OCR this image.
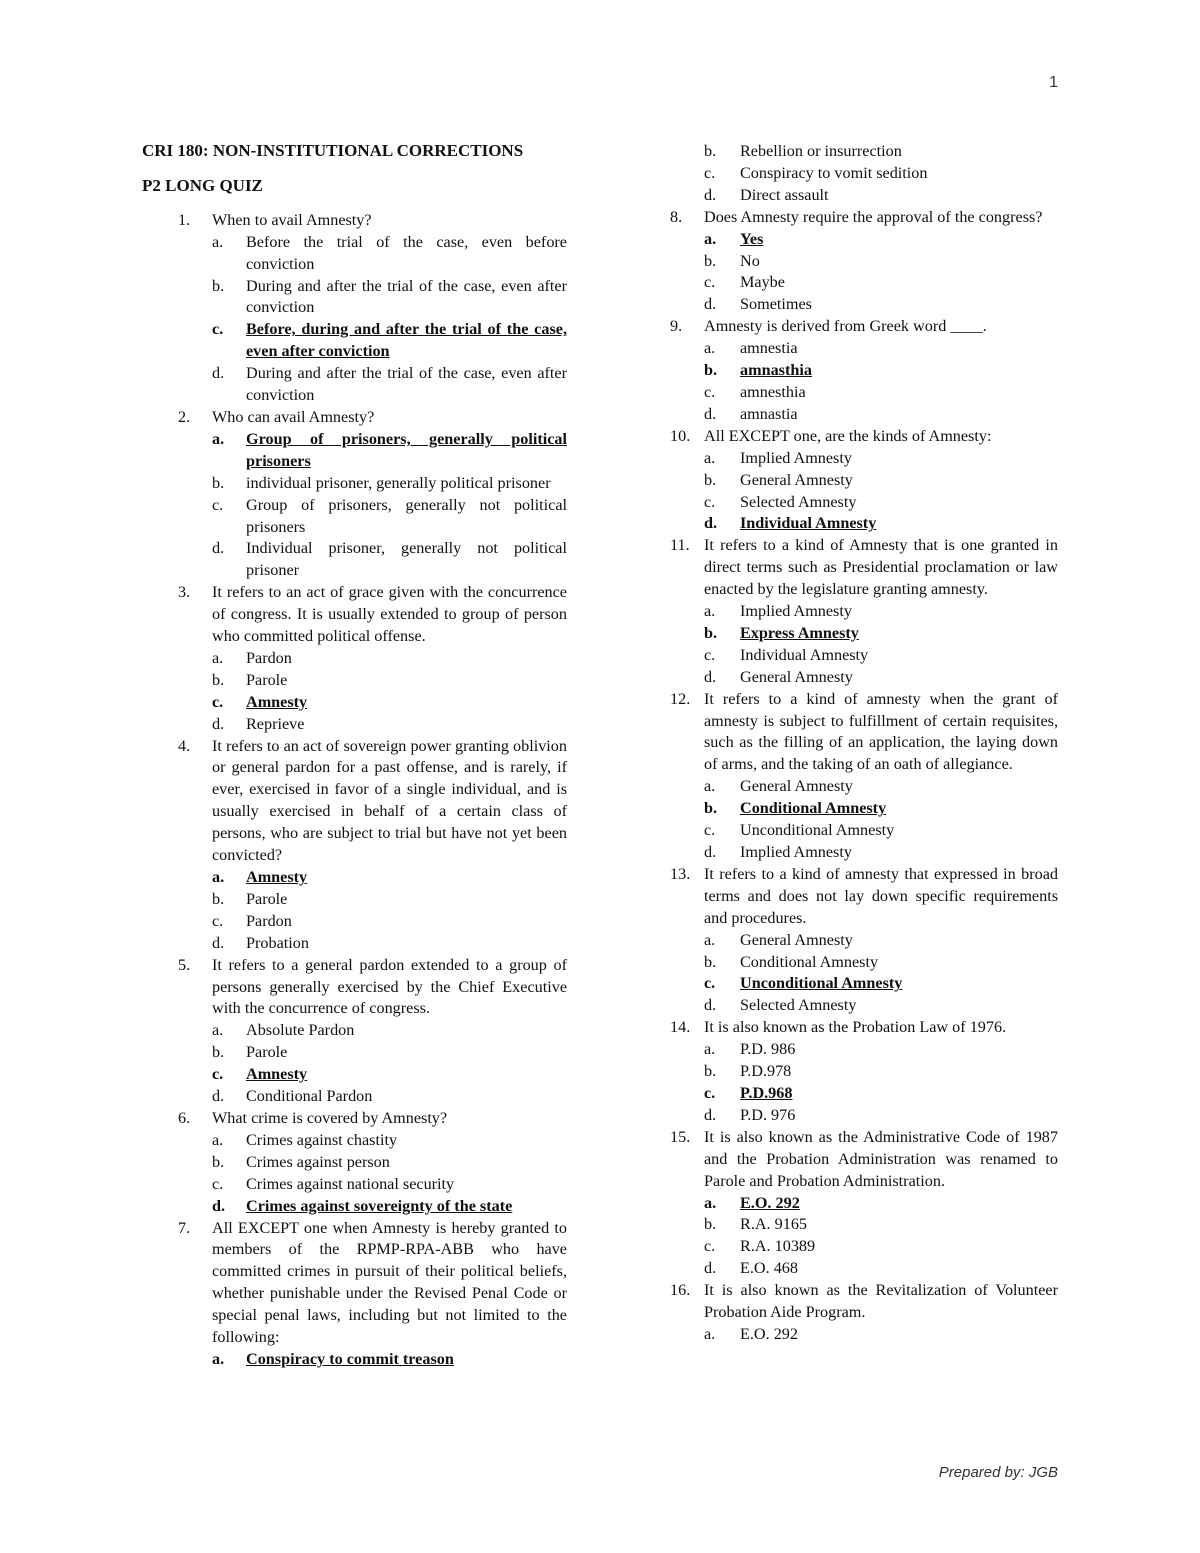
1
CRI 180: NON-INSTITUTIONAL CORRECTIONS
P2 LONG QUIZ
1.	When to avail Amnesty?
a. Before the trial of the case, even before conviction
b. During and after the trial of the case, even after conviction
c. Before, during and after the trial of the case, even after conviction
d. During and after the trial of the case, even after conviction
2.	Who can avail Amnesty?
a. Group of prisoners, generally political prisoners
b. individual prisoner, generally political prisoner
c. Group of prisoners, generally not political prisoners
d. Individual prisoner, generally not political prisoner
3.	It refers to an act of grace given with the concurrence of congress. It is usually extended to group of person who committed political offense.
a. Pardon
b. Parole
c. Amnesty
d. Reprieve
4.	It refers to an act of sovereign power granting oblivion or general pardon for a past offense, and is rarely, if ever, exercised in favor of a single individual, and is usually exercised in behalf of a certain class of persons, who are subject to trial but have not yet been convicted?
a. Amnesty
b. Parole
c. Pardon
d. Probation
5.	It refers to a general pardon extended to a group of persons generally exercised by the Chief Executive with the concurrence of congress.
a. Absolute Pardon
b. Parole
c. Amnesty
d. Conditional Pardon
6.	What crime is covered by Amnesty?
a. Crimes against chastity
b. Crimes against person
c. Crimes against national security
d. Crimes against sovereignty of the state
7.	All EXCEPT one when Amnesty is hereby granted to members of the RPMP-RPA-ABB who have committed crimes in pursuit of their political beliefs, whether punishable under the Revised Penal Code or special penal laws, including but not limited to the following:
a. Conspiracy to commit treason
b. Rebellion or insurrection
c. Conspiracy to vomit sedition
d. Direct assault
8.	Does Amnesty require the approval of the congress?
a. Yes
b. No
c. Maybe
d. Sometimes
9.	Amnesty is derived from Greek word ____.
a. amnestia
b. amnasthia
c. amnesthia
d. amnastia
10. All EXCEPT one, are the kinds of Amnesty:
a. Implied Amnesty
b. General Amnesty
c. Selected Amnesty
d. Individual Amnesty
11. It refers to a kind of Amnesty that is one granted in direct terms such as Presidential proclamation or law enacted by the legislature granting amnesty.
a. Implied Amnesty
b. Express Amnesty
c. Individual Amnesty
d. General Amnesty
12. It refers to a kind of amnesty when the grant of amnesty is subject to fulfillment of certain requisites, such as the filling of an application, the laying down of arms, and the taking of an oath of allegiance.
a. General Amnesty
b. Conditional Amnesty
c. Unconditional Amnesty
d. Implied Amnesty
13. It refers to a kind of amnesty that expressed in broad terms and does not lay down specific requirements and procedures.
a. General Amnesty
b. Conditional Amnesty
c. Unconditional Amnesty
d. Selected Amnesty
14. It is also known as the Probation Law of 1976.
a. P.D. 986
b. P.D.978
c. P.D.968
d. P.D. 976
15. It is also known as the Administrative Code of 1987 and the Probation Administration was renamed to Parole and Probation Administration.
a. E.O. 292
b. R.A. 9165
c. R.A. 10389
d. E.O. 468
16. It is also known as the Revitalization of Volunteer Probation Aide Program.
a. E.O. 292
Prepared by: JGB
